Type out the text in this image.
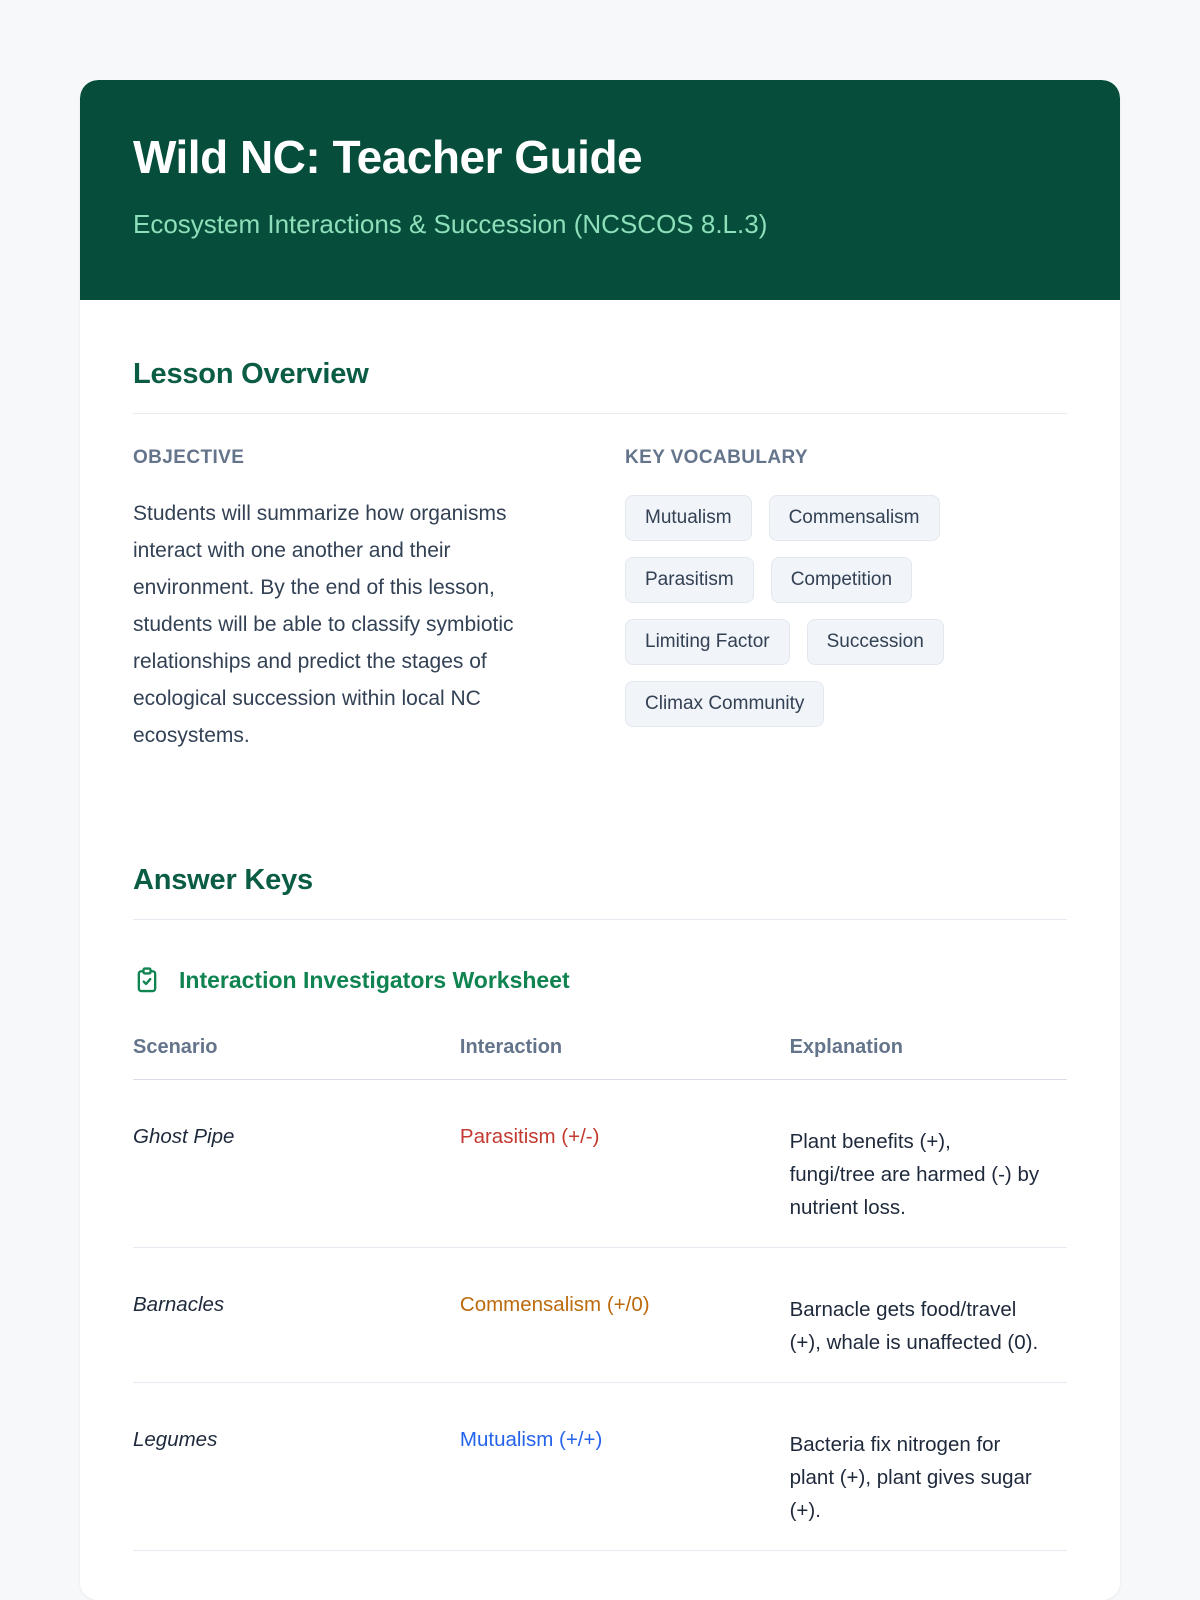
Wild NC: Teacher Guide
Ecosystem Interactions & Succession (NCSCOS 8.L.3)
Lesson Overview
OBJECTIVE

Students will summarize how organisms interact with one another and their environment. By the end of this lesson, students will be able to classify symbiotic relationships and predict the stages of ecological succession within local NC ecosystems.

KEY VOCABULARY
Mutualism	Commensalism
Parasitism	Competition
Limiting Factor	Succession
Climax Community
Answer Keys
Interaction Investigators Worksheet
Scenario	Interaction	Explanation
Ghost Pipe	Parasitism (+/-)	Plant benefits (+), fungi/tree are harmed (-) by nutrient loss.
Barnacles	Commensalism (+/0)	Barnacle gets food/travel (+), whale is unaffected (0).
Legumes	Mutualism (+/+)	Bacteria fix nitrogen for plant (+), plant gives sugar (+).
